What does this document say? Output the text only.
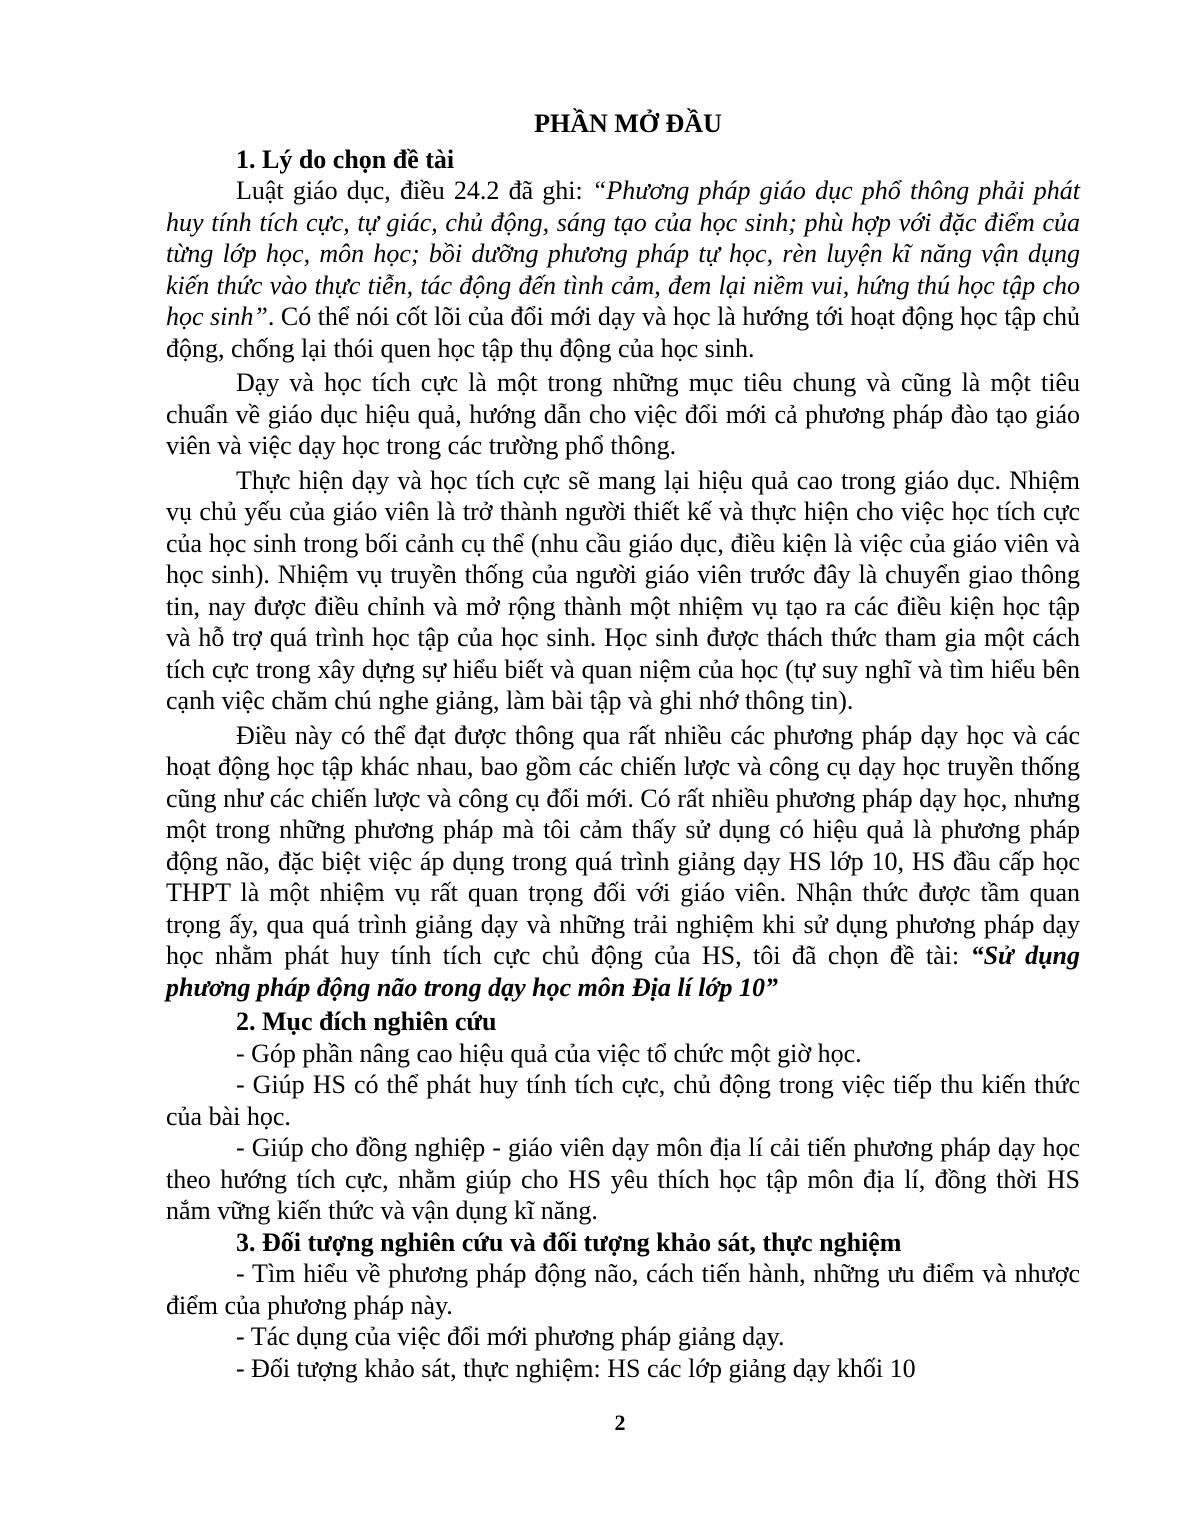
PHẦN MỞ ĐẦU

1. Lý do chọn đề tài

Luật giáo dục, điều 24.2 đã ghi: “Phương pháp giáo dục phổ thông phải phát huy tính tích cực, tự giác, chủ động, sáng tạo của học sinh; phù hợp với đặc điểm của từng lớp học, môn học; bồi dưỡng phương pháp tự học, rèn luyện kĩ năng vận dụng kiến thức vào thực tiễn, tác động đến tình cảm, đem lại niềm vui, hứng thú học tập cho học sinh”. Có thể nói cốt lõi của đổi mới dạy và học là hướng tới hoạt động học tập chủ động, chống lại thói quen học tập thụ động của học sinh.

Dạy và học tích cực là một trong những mục tiêu chung và cũng là một tiêu chuẩn về giáo dục hiệu quả, hướng dẫn cho việc đổi mới cả phương pháp đào tạo giáo viên và việc dạy học trong các trường phổ thông.

Thực hiện dạy và học tích cực sẽ mang lại hiệu quả cao trong giáo dục. Nhiệm vụ chủ yếu của giáo viên là trở thành người thiết kế và thực hiện cho việc học tích cực của học sinh trong bối cảnh cụ thể (nhu cầu giáo dục, điều kiện là việc của giáo viên và học sinh). Nhiệm vụ truyền thống của người giáo viên trước đây là chuyển giao thông tin, nay được điều chỉnh và mở rộng thành một nhiệm vụ tạo ra các điều kiện học tập và hỗ trợ quá trình học tập của học sinh. Học sinh được thách thức tham gia một cách tích cực trong xây dựng sự hiểu biết và quan niệm của học (tự suy nghĩ và tìm hiểu bên cạnh việc chăm chú nghe giảng, làm bài tập và ghi nhớ thông tin).

Điều này có thể đạt được thông qua rất nhiều các phương pháp dạy học và các hoạt động học tập khác nhau, bao gồm các chiến lược và công cụ dạy học truyền thống cũng như các chiến lược và công cụ đổi mới. Có rất nhiều phương pháp dạy học, nhưng một trong những phương pháp mà tôi cảm thấy sử dụng có hiệu quả là phương pháp động não, đặc biệt việc áp dụng trong quá trình giảng dạy HS lớp 10, HS đầu cấp học THPT là một nhiệm vụ rất quan trọng đối với giáo viên. Nhận thức được tầm quan trọng ấy, qua quá trình giảng dạy và những trải nghiệm khi sử dụng phương pháp dạy học nhằm phát huy tính tích cực chủ động của HS, tôi đã chọn đề tài: “Sử dụng phương pháp động não trong dạy học môn Địa lí lớp 10”

2. Mục đích nghiên cứu

- Góp phần nâng cao hiệu quả của việc tổ chức một giờ học.

- Giúp HS có thể phát huy tính tích cực, chủ động trong việc tiếp thu kiến thức của bài học.

- Giúp cho đồng nghiệp - giáo viên dạy môn địa lí cải tiến phương pháp dạy học theo hướng tích cực, nhằm giúp cho HS yêu thích học tập môn địa lí, đồng thời HS nắm vững kiến thức và vận dụng kĩ năng.

3. Đối tượng nghiên cứu và đối tượng khảo sát, thực nghiệm

- Tìm hiểu về phương pháp động não, cách tiến hành, những ưu điểm và nhược điểm của phương pháp này.

- Tác dụng của việc đổi mới phương pháp giảng dạy.

- Đối tượng khảo sát, thực nghiệm: HS các lớp giảng dạy khối 10

2
